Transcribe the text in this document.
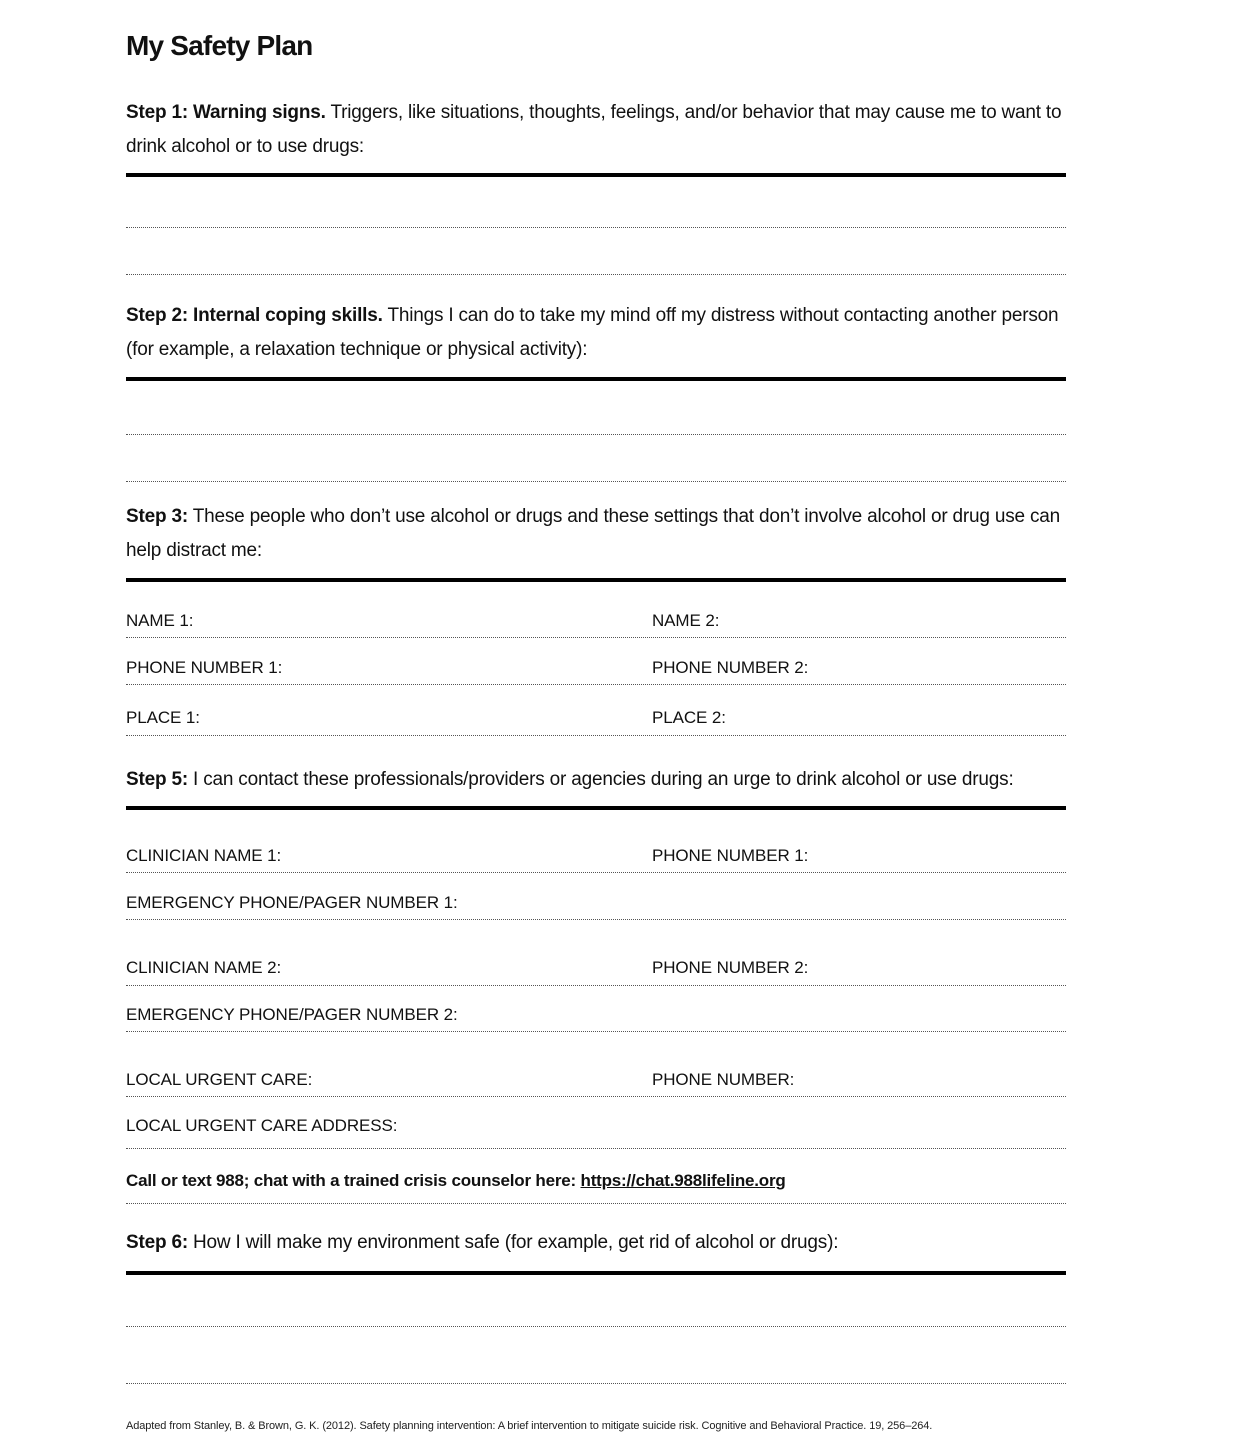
My Safety Plan
Step 1: Warning signs. Triggers, like situations, thoughts, feelings, and/or behavior that may cause me to want to drink alcohol or to use drugs:
Step 2: Internal coping skills. Things I can do to take my mind off my distress without contacting another person (for example, a relaxation technique or physical activity):
Step 3: These people who don’t use alcohol or drugs and these settings that don’t involve alcohol or drug use can help distract me:
NAME 1:	NAME 2:
PHONE NUMBER 1:	PHONE NUMBER 2:
PLACE 1:	PLACE 2:
Step 5: I can contact these professionals/providers or agencies during an urge to drink alcohol or use drugs:
CLINICIAN NAME 1:	PHONE NUMBER 1:
EMERGENCY PHONE/PAGER NUMBER 1:
CLINICIAN NAME 2:	PHONE NUMBER 2:
EMERGENCY PHONE/PAGER NUMBER 2:
LOCAL URGENT CARE:	PHONE NUMBER:
LOCAL URGENT CARE ADDRESS:
Call or text 988; chat with a trained crisis counselor here: https://chat.988lifeline.org
Step 6: How I will make my environment safe (for example, get rid of alcohol or drugs):
Adapted from Stanley, B. & Brown, G. K. (2012). Safety planning intervention: A brief intervention to mitigate suicide risk. Cognitive and Behavioral Practice. 19, 256–264.
